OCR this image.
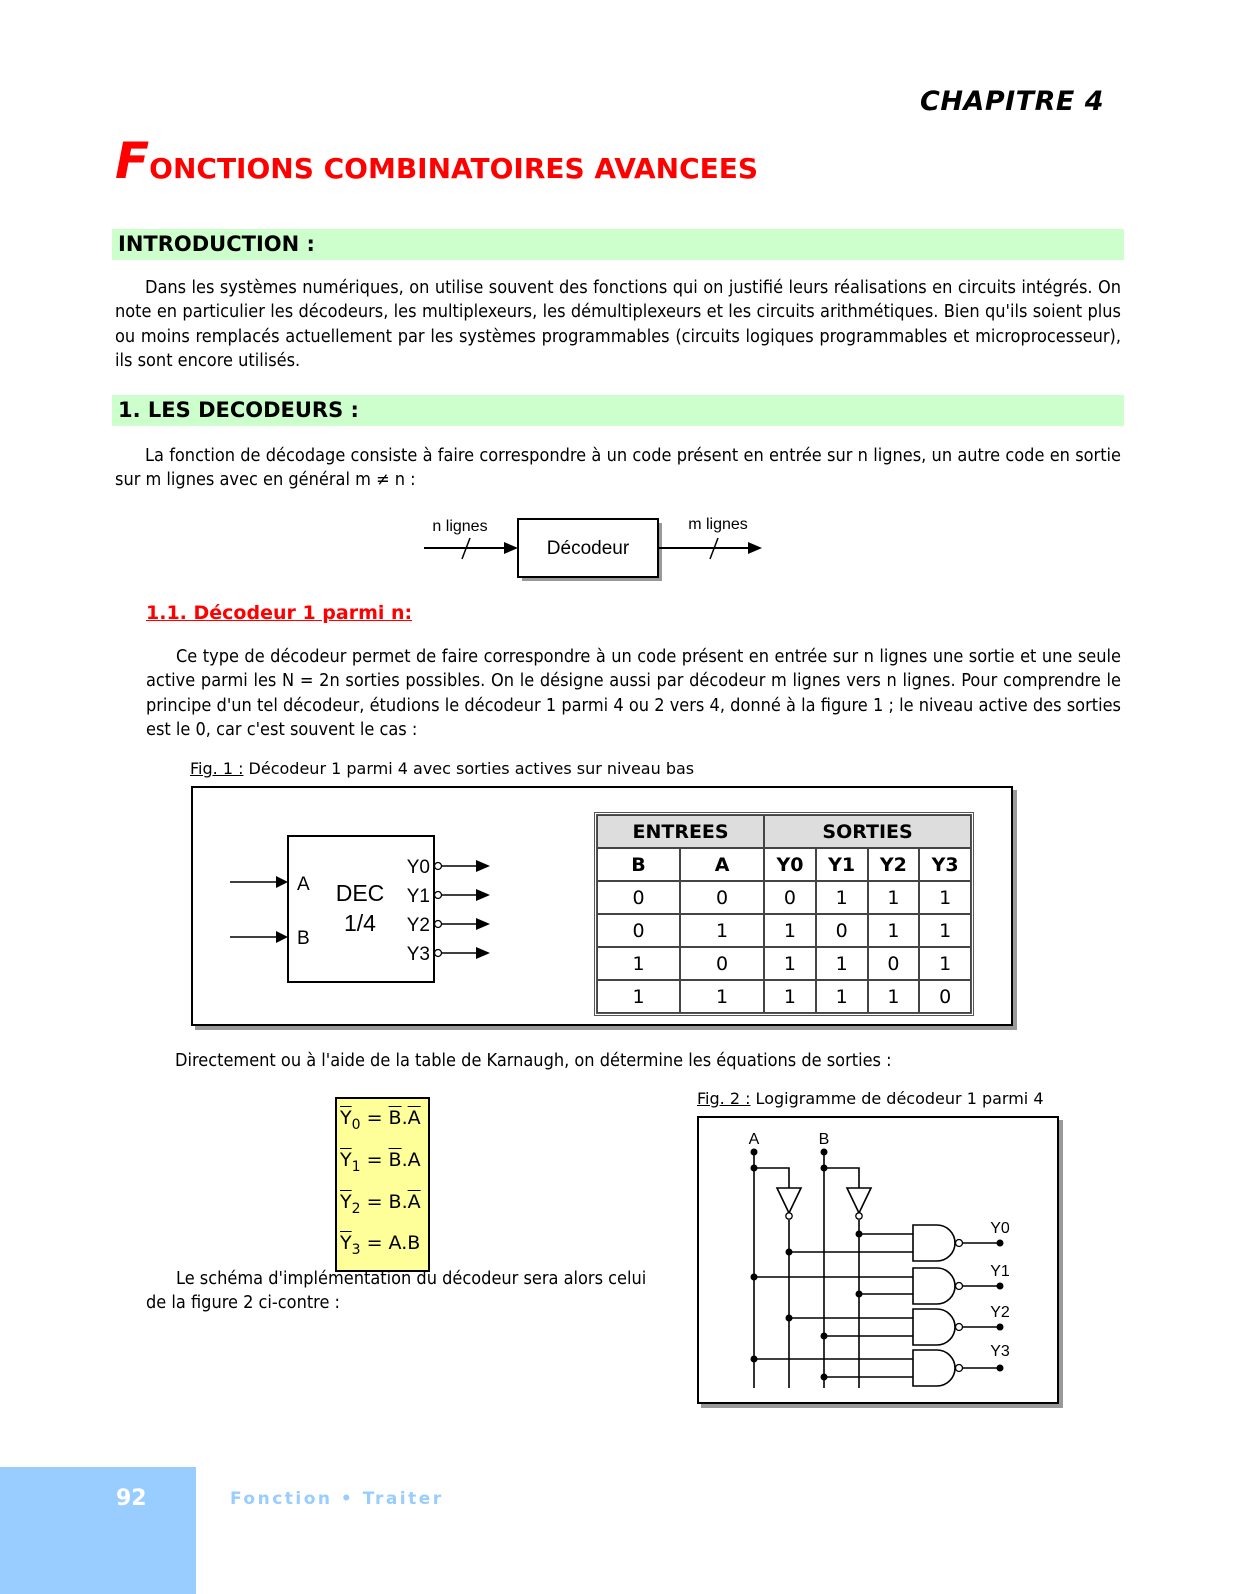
CHAPITRE 4
FONCTIONS COMBINATOIRES AVANCEES
INTRODUCTION :
Dans les systèmes numériques, on utilise souvent des fonctions qui on justifié leurs réalisations en circuits intégrés. On note en particulier les décodeurs, les multiplexeurs, les démultiplexeurs et les circuits arithmétiques. Bien qu'ils soient plus ou moins remplacés actuellement par les systèmes programmables (circuits logiques programmables et microprocesseur), ils sont encore utilisés.
1. LES DECODEURS :
La fonction de décodage consiste à faire correspondre à un code présent en entrée sur n lignes, un autre code en sortie sur m lignes avec en général m ≠ n :
Décodeur
n lignes	m lignes
1.1. Décodeur 1 parmi n:
Ce type de décodeur permet de faire correspondre à un code présent en entrée sur n lignes une sortie et une seule active parmi les N = 2n sorties possibles. On le désigne aussi par décodeur m lignes vers n lignes. Pour comprendre le principe d'un tel décodeur, étudions le décodeur 1 parmi 4 ou 2 vers 4, donné à la figure 1 ; le niveau active des sorties est le 0, car c'est souvent le cas :
Fig. 1 : Décodeur 1 parmi 4 avec sorties actives sur niveau bas
A
B
DEC
1/4
Y0
Y1
Y2
Y3
ENTREES		SORTIES			
B	A	Y0	Y1	Y2	Y3
0	0	0	1	1	1
0	1	1	0	1	1
1	0	1	1	0	1
1	1	1	1	1	0
Directement ou à l'aide de la table de Karnaugh, on détermine les équations de sorties :
$\overline{Y}_0 = \overline{B}.\overline{A}$
$\overline{Y}_1 = \overline{B}.A$
$\overline{Y}_2 = B.\overline{A}$
$\overline{Y}_3 = A.B$
Le schéma d'implémentation du décodeur sera alors celui de la figure 2 ci-contre :
Fig. 2 : Logigramme de décodeur 1 parmi 4
A	B
Y0
Y1
Y2
Y3
92	Fonction • Traiter
